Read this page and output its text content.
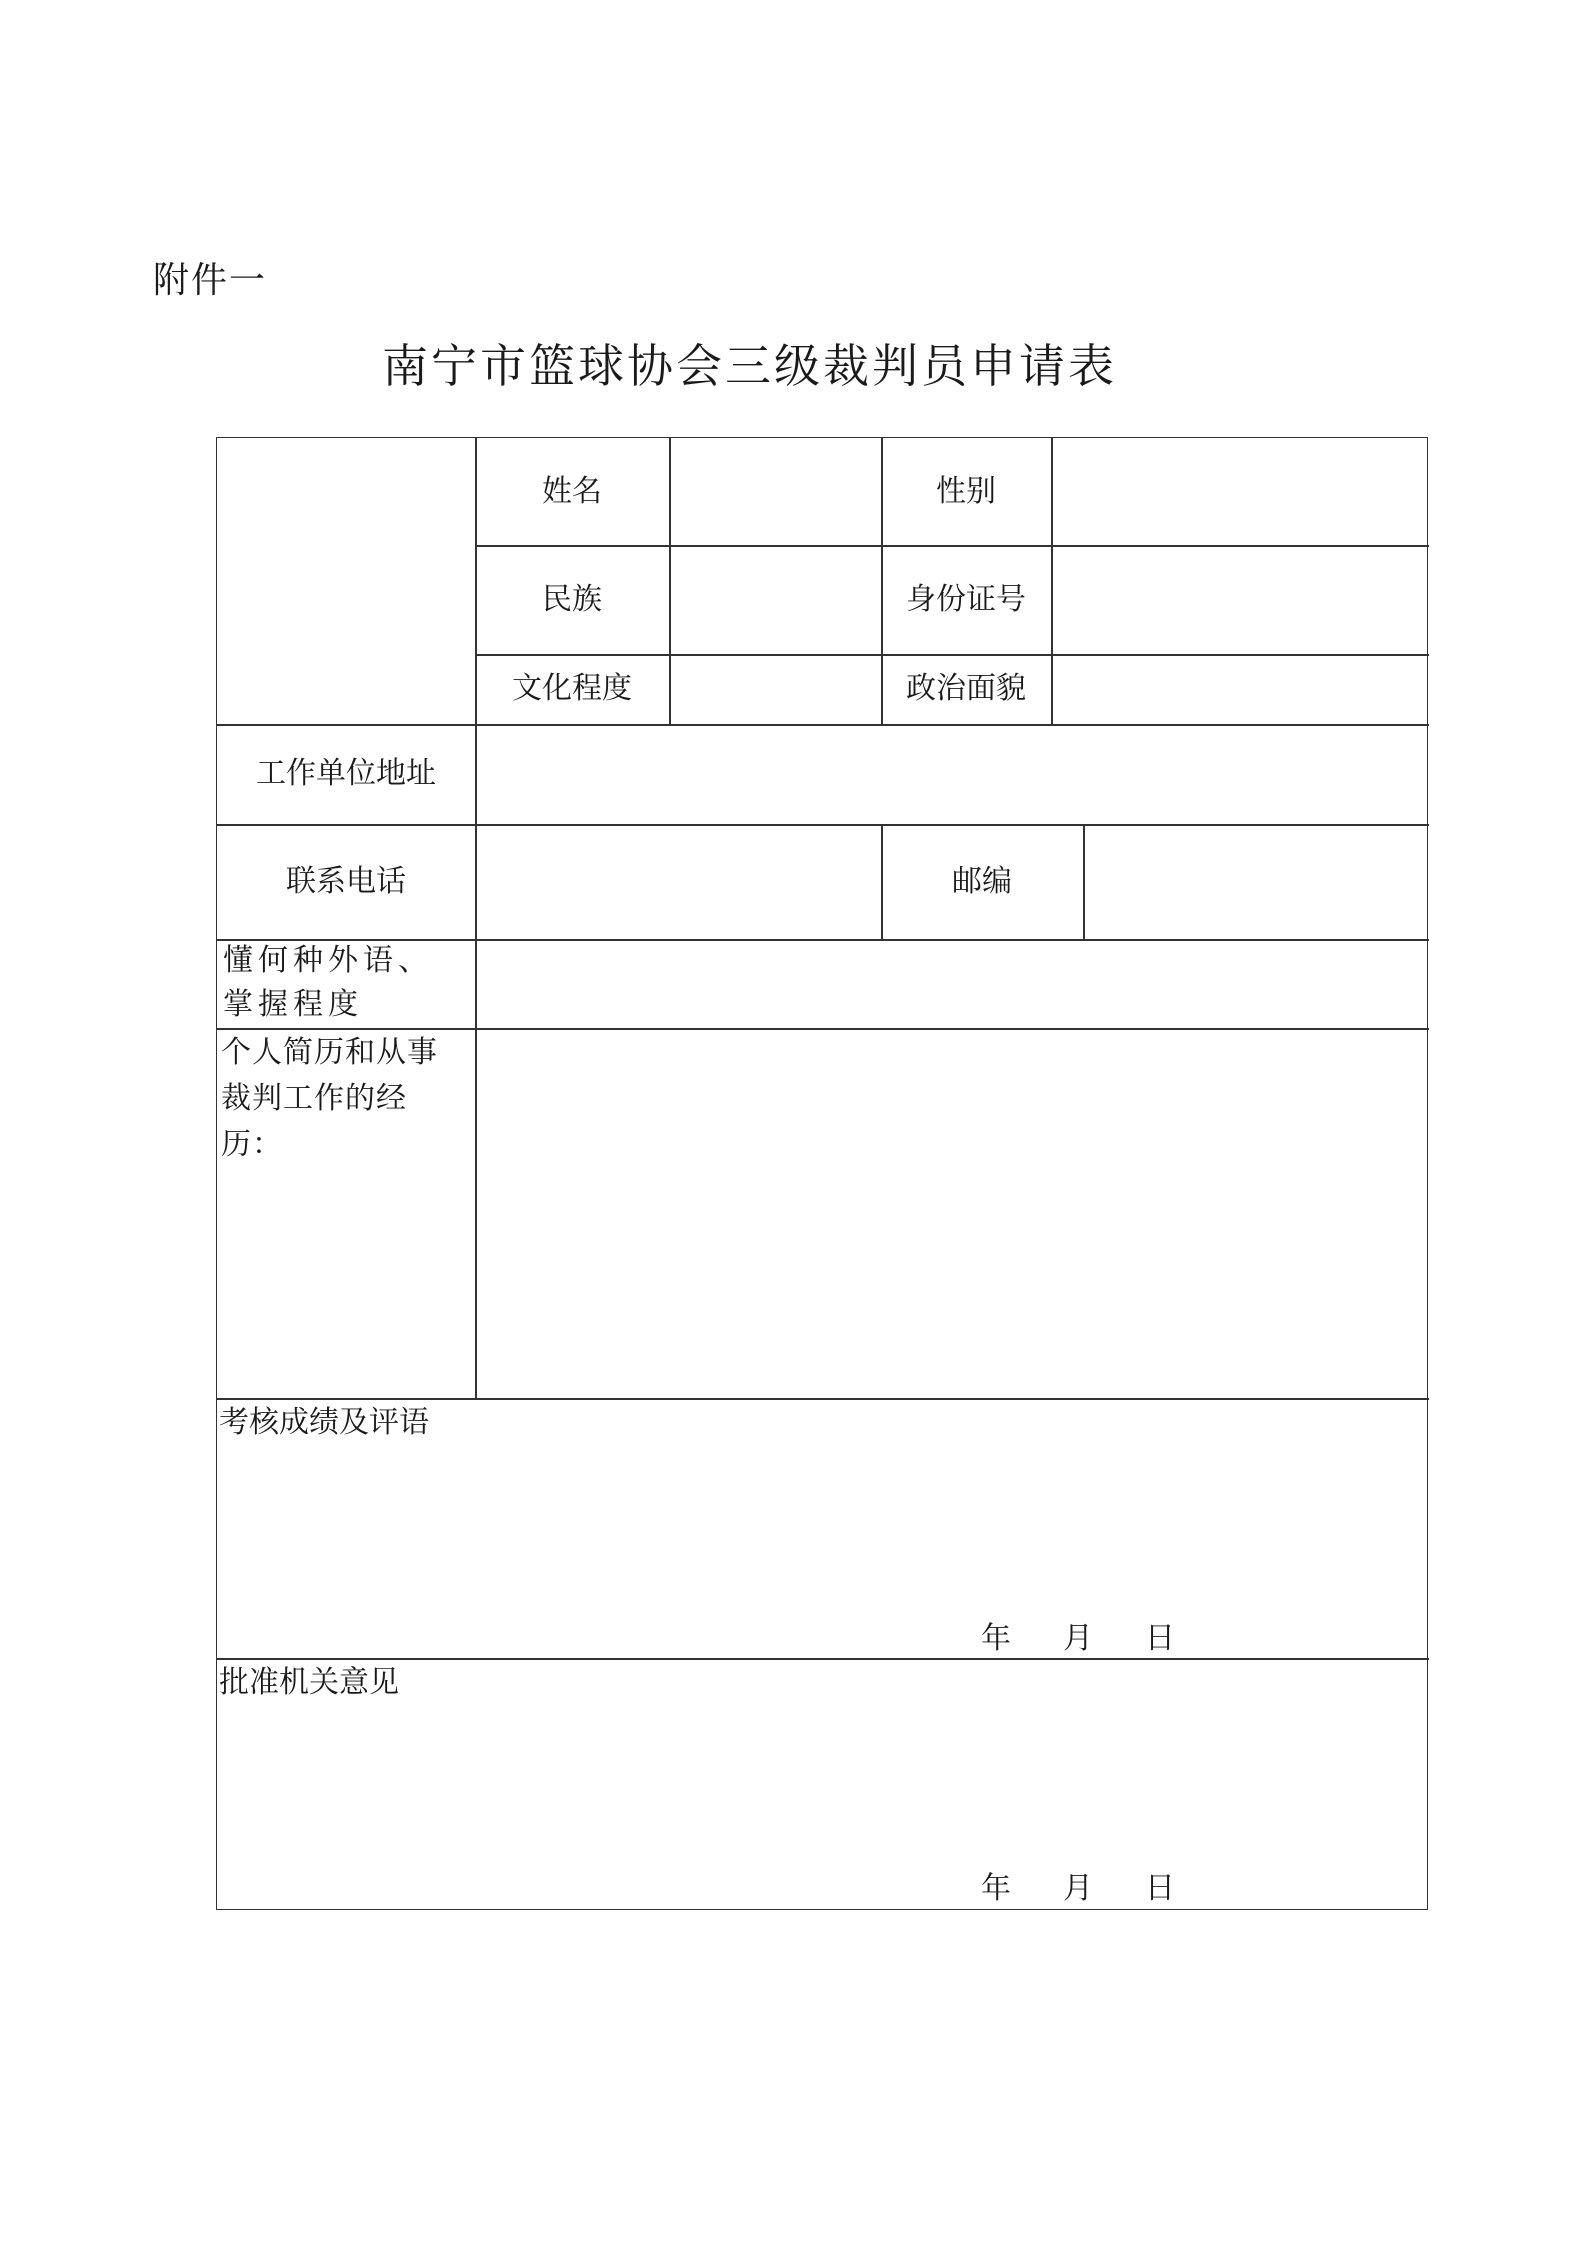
附件一
南宁市篮球协会三级裁判员申请表
姓名	性别
民族	身份证号
文化程度	政治面貌
工作单位地址
联系电话	邮编
懂何种外语、掌握程度
个人简历和从事裁判工作的经历：
考核成绩及评语
年 月 日
批准机关意见
年 月 日
